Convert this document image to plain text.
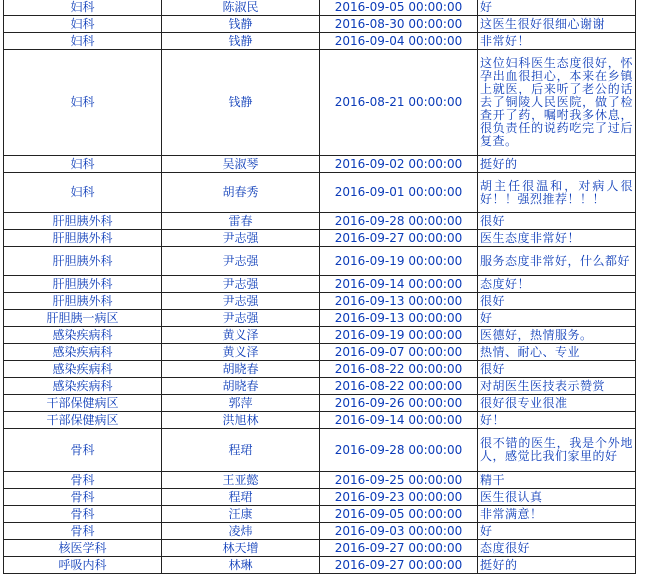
妇科	陈淑民	2016-09-05 00:00:00	好
妇科	钱静	2016-08-30 00:00:00	这医生很好很细心谢谢
妇科	钱静	2016-09-04 00:00:00	非常好！
妇科	钱静	2016-08-21 00:00:00	这位妇科医生态度很好，怀孕出血很担心，本来在乡镇上就医，后来听了老公的话去了铜陵人民医院，做了检查开了药，嘱咐我多休息，很负责任的说药吃完了过后复查。
妇科	吴淑琴	2016-09-02 00:00:00	挺好的
妇科	胡春秀	2016-09-01 00:00:00	胡主任很温和，对病人很好！！强烈推荐！！！
肝胆胰外科	雷春	2016-09-28 00:00:00	很好
肝胆胰外科	尹志强	2016-09-27 00:00:00	医生态度非常好！
肝胆胰外科	尹志强	2016-09-19 00:00:00	服务态度非常好，什么都好
肝胆胰外科	尹志强	2016-09-14 00:00:00	态度好！
肝胆胰外科	尹志强	2016-09-13 00:00:00	很好
肝胆胰一病区	尹志强	2016-09-13 00:00:00	好
感染疾病科	黄义泽	2016-09-19 00:00:00	医德好，热情服务。
感染疾病科	黄义泽	2016-09-07 00:00:00	热情、耐心、专业
感染疾病科	胡晓春	2016-08-22 00:00:00	很好
感染疾病科	胡晓春	2016-08-22 00:00:00	对胡医生医技表示赞赏
干部保健病区	郭萍	2016-09-26 00:00:00	很好很专业很准
干部保健病区	洪旭林	2016-09-14 00:00:00	好！
骨科	程珺	2016-09-28 00:00:00	很不错的医生，我是个外地人，感觉比我们家里的好
骨科	王亚懿	2016-09-25 00:00:00	精干
骨科	程珺	2016-09-23 00:00:00	医生很认真
骨科	汪康	2016-09-05 00:00:00	非常满意！
骨科	凌炜	2016-09-03 00:00:00	好
核医学科	林天增	2016-09-27 00:00:00	态度很好
呼吸内科	林琳	2016-09-27 00:00:00	挺好的
